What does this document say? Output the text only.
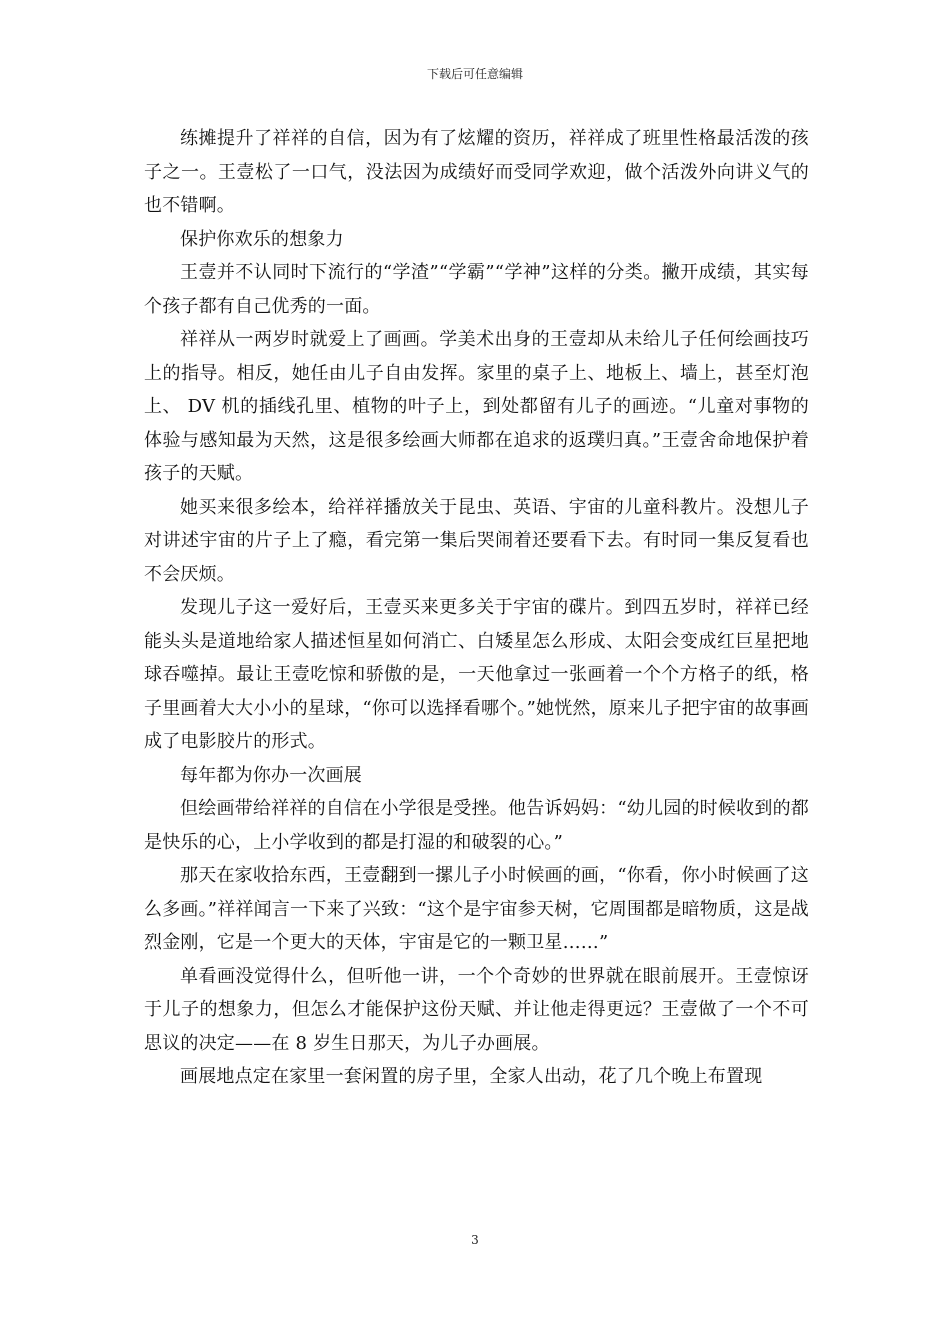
下载后可任意编辑

练摊提升了祥祥的自信，因为有了炫耀的资历，祥祥成了班里性格最活泼的孩子之一。王壹松了一口气，没法因为成绩好而受同学欢迎，做个活泼外向讲义气的也不错啊。

保护你欢乐的想象力

王壹并不认同时下流行的“学渣”“学霸”“学神”这样的分类。撇开成绩，其实每个孩子都有自己优秀的一面。

祥祥从一两岁时就爱上了画画。学美术出身的王壹却从未给儿子任何绘画技巧上的指导。相反，她任由儿子自由发挥。家里的桌子上、地板上、墙上，甚至灯泡上、 DV 机的插线孔里、植物的叶子上，到处都留有儿子的画迹。“儿童对事物的体验与感知最为天然，这是很多绘画大师都在追求的返璞归真。”王壹舍命地保护着孩子的天赋。

她买来很多绘本，给祥祥播放关于昆虫、英语、宇宙的儿童科教片。没想儿子对讲述宇宙的片子上了瘾，看完第一集后哭闹着还要看下去。有时同一集反复看也不会厌烦。

发现儿子这一爱好后，王壹买来更多关于宇宙的碟片。到四五岁时，祥祥已经能头头是道地给家人描述恒星如何消亡、白矮星怎么形成、太阳会变成红巨星把地球吞噬掉。最让王壹吃惊和骄傲的是，一天他拿过一张画着一个个方格子的纸，格子里画着大大小小的星球，“你可以选择看哪个。”她恍然，原来儿子把宇宙的故事画成了电影胶片的形式。

每年都为你办一次画展

但绘画带给祥祥的自信在小学很是受挫。他告诉妈妈：“幼儿园的时候收到的都是快乐的心，上小学收到的都是打湿的和破裂的心。”

那天在家收拾东西，王壹翻到一摞儿子小时候画的画，“你看，你小时候画了这么多画。”祥祥闻言一下来了兴致：“这个是宇宙参天树，它周围都是暗物质，这是战烈金刚，它是一个更大的天体，宇宙是它的一颗卫星……”

单看画没觉得什么，但听他一讲，一个个奇妙的世界就在眼前展开。王壹惊讶于儿子的想象力，但怎么才能保护这份天赋、并让他走得更远？王壹做了一个不可思议的决定——在 8 岁生日那天，为儿子办画展。

画展地点定在家里一套闲置的房子里，全家人出动，花了几个晚上布置现

3
